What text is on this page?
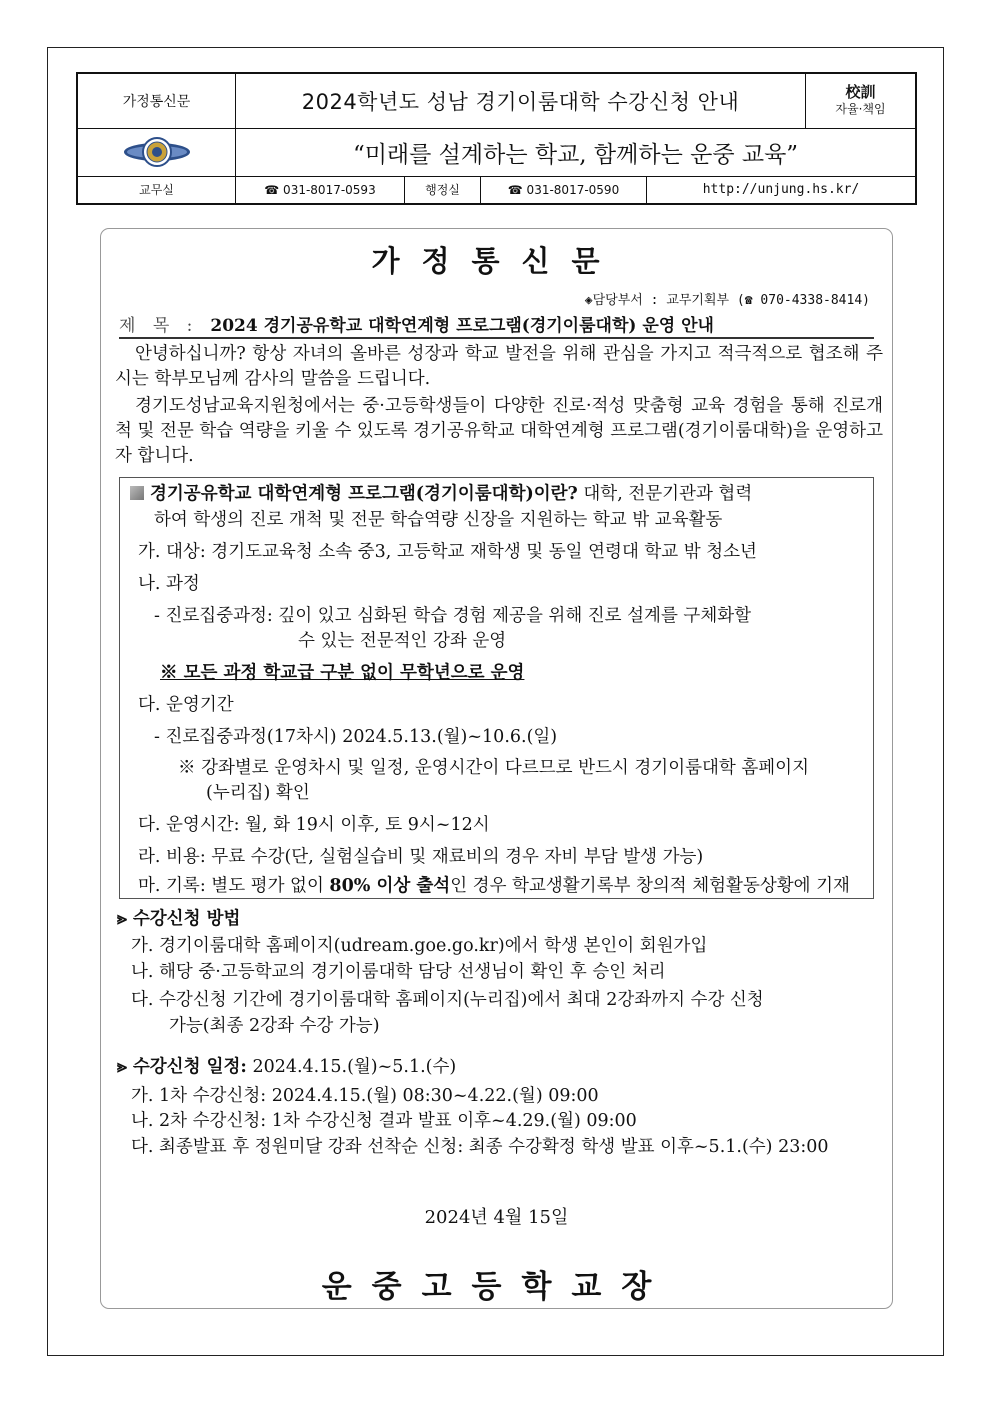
가정통신문	2024학년도 성남 경기이룸대학 수강신청 안내	校訓
자율·책임
“미래를 설계하는 학교, 함께하는 운중 교육”
교무실	☎ 031-8017-0593	행정실	☎ 031-8017-0590	http://unjung.hs.kr/
가정통신문
◈담당부서 : 교무기획부 (☎ 070-4338-8414)
제 목 : 2024 경기공유학교 대학연계형 프로그램(경기이룸대학) 운영 안내
안녕하십니까? 항상 자녀의 올바른 성장과 학교 발전을 위해 관심을 가지고 적극적으로 협조해 주시는 학부모님께 감사의 말씀을 드립니다.
경기도성남교육지원청에서는 중·고등학생들이 다양한 진로·적성 맞춤형 교육 경험을 통해 진로개척 및 전문 학습 역량을 키울 수 있도록 경기공유학교 대학연계형 프로그램(경기이룸대학)을 운영하고자 합니다.
경기공유학교 대학연계형 프로그램(경기이룸대학)이란? 대학, 전문기관과 협력
하여 학생의 진로 개척 및 전문 학습역량 신장을 지원하는 학교 밖 교육활동
가. 대상: 경기도교육청 소속 중3, 고등학교 재학생 및 동일 연령대 학교 밖 청소년
나. 과정
- 진로집중과정: 깊이 있고 심화된 학습 경험 제공을 위해 진로 설계를 구체화할
수 있는 전문적인 강좌 운영
※ 모든 과정 학교급 구분 없이 무학년으로 운영
다. 운영기간
- 진로집중과정(17차시) 2024.5.13.(월)~10.6.(일)
※ 강좌별로 운영차시 및 일정, 운영시간이 다르므로 반드시 경기이룸대학 홈페이지
(누리집) 확인
다. 운영시간: 월, 화 19시 이후, 토 9시~12시
라. 비용: 무료 수강(단, 실험실습비 및 재료비의 경우 자비 부담 발생 가능)
마. 기록: 별도 평가 없이 80% 이상 출석인 경우 학교생활기록부 창의적 체험활동상황에 기재
⪢ 수강신청 방법
가. 경기이룸대학 홈페이지(udream.goe.go.kr)에서 학생 본인이 회원가입
나. 해당 중·고등학교의 경기이룸대학 담당 선생님이 확인 후 승인 처리
다. 수강신청 기간에 경기이룸대학 홈페이지(누리집)에서 최대 2강좌까지 수강 신청
가능(최종 2강좌 수강 가능)
⪢ 수강신청 일정: 2024.4.15.(월)~5.1.(수)
가. 1차 수강신청: 2024.4.15.(월) 08:30~4.22.(월) 09:00
나. 2차 수강신청: 1차 수강신청 결과 발표 이후~4.29.(월) 09:00
다. 최종발표 후 정원미달 강좌 선착순 신청: 최종 수강확정 학생 발표 이후~5.1.(수) 23:00
2024년 4월 15일
운중고등학교장
